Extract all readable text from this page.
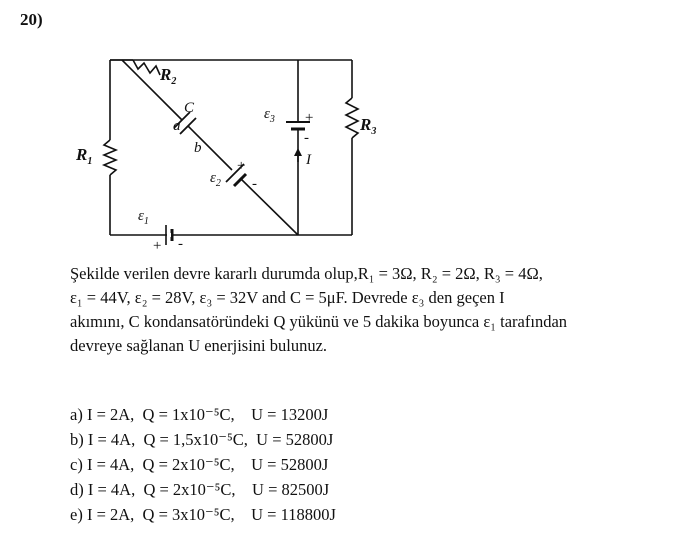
20)
$R_2$
$R_3$
$R_1$
C
a
b
$\varepsilon_3$ +
-
I
$\varepsilon_2$
+
-
$\varepsilon_1$
+ -

Şekilde verilen devre kararlı durumda olup,R₁ = 3Ω, R₂ = 2Ω, R₃ = 4Ω,

ε₁ = 44V, ε₂ = 28V, ε₃ = 32V and C = 5μF. Devrede ε₃ den geçen I

akımını, C kondansatöründeki Q yükünü ve 5 dakika boyunca ε₁ tarafından

devreye sağlanan U enerjisini bulunuz.

a) I = 2A,  Q = 1x10⁻⁵C,    U = 13200J
b) I = 4A,  Q = 1,5x10⁻⁵C,  U = 52800J
c) I = 4A,  Q = 2x10⁻⁵C,    U = 52800J
d) I = 4A,  Q = 2x10⁻⁵C,    U = 82500J
e) I = 2A,  Q = 3x10⁻⁵C,    U = 118800J
